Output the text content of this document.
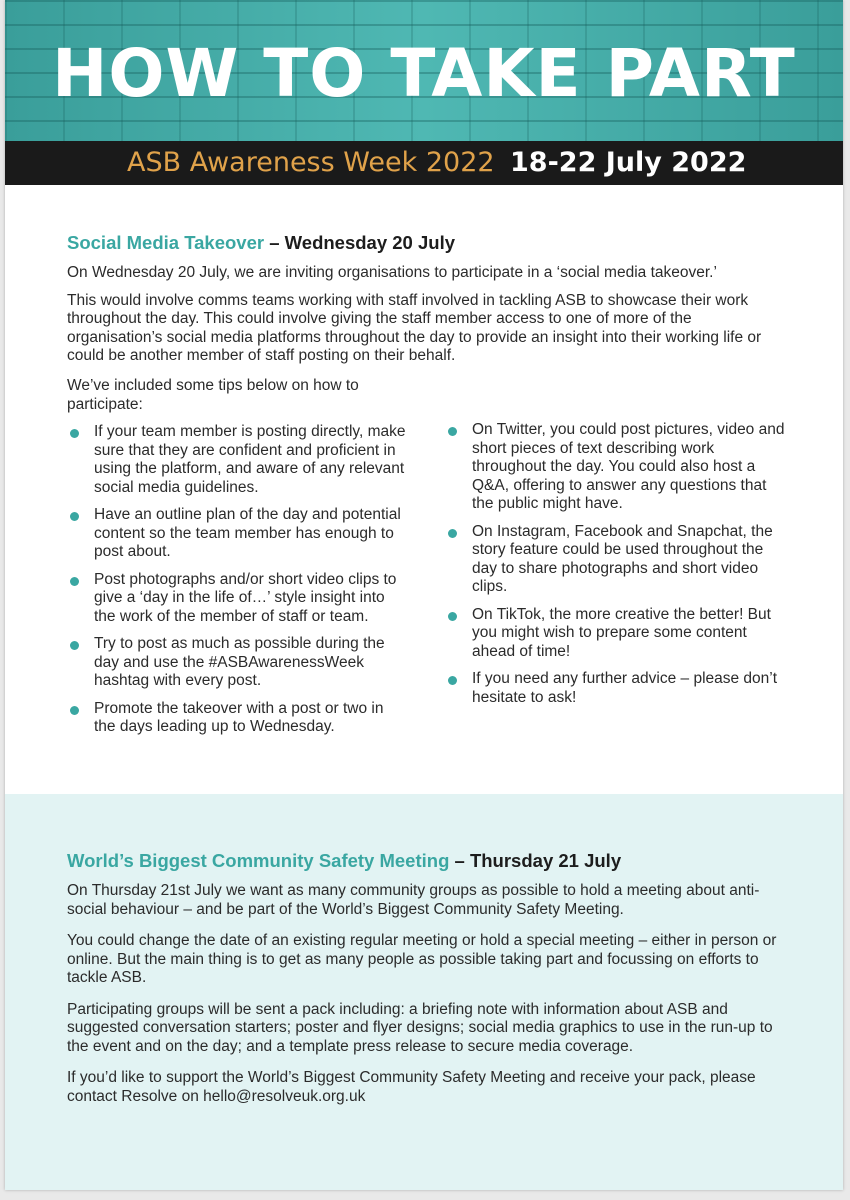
HOW TO TAKE PART
ASB Awareness Week 2022 18-22 July 2022
Social Media Takeover – Wednesday 20 July

On Wednesday 20 July, we are inviting organisations to participate in a ‘social media takeover.’

This would involve comms teams working with staff involved in tackling ASB to showcase their work throughout the day. This could involve giving the staff member access to one of more of the organisation’s social media platforms throughout the day to provide an insight into their working life or could be another member of staff posting on their behalf.

We’ve included some tips below on how to participate:

If your team member is posting directly, make sure that they are confident and proficient in using the platform, and aware of any relevant social media guidelines.
Have an outline plan of the day and potential content so the team member has enough to post about.
Post photographs and/or short video clips to give a ‘day in the life of…’ style insight into the work of the member of staff or team.
Try to post as much as possible during the day and use the #ASBAwarenessWeek hashtag with every post.
Promote the takeover with a post or two in the days leading up to Wednesday.
On Twitter, you could post pictures, video and short pieces of text describing work throughout the day. You could also host a Q&A, offering to answer any questions that the public might have.
On Instagram, Facebook and Snapchat, the story feature could be used throughout the day to share photographs and short video clips.
On TikTok, the more creative the better! But you might wish to prepare some content ahead of time!
If you need any further advice – please don’t hesitate to ask!
World’s Biggest Community Safety Meeting – Thursday 21 July

On Thursday 21st July we want as many community groups as possible to hold a meeting about anti-social behaviour – and be part of the World’s Biggest Community Safety Meeting.

You could change the date of an existing regular meeting or hold a special meeting – either in person or online. But the main thing is to get as many people as possible taking part and focussing on efforts to tackle ASB.

Participating groups will be sent a pack including: a briefing note with information about ASB and suggested conversation starters; poster and flyer designs; social media graphics to use in the run-up to the event and on the day; and a template press release to secure media coverage.

If you’d like to support the World’s Biggest Community Safety Meeting and receive your pack, please contact Resolve on hello@resolveuk.org.uk
